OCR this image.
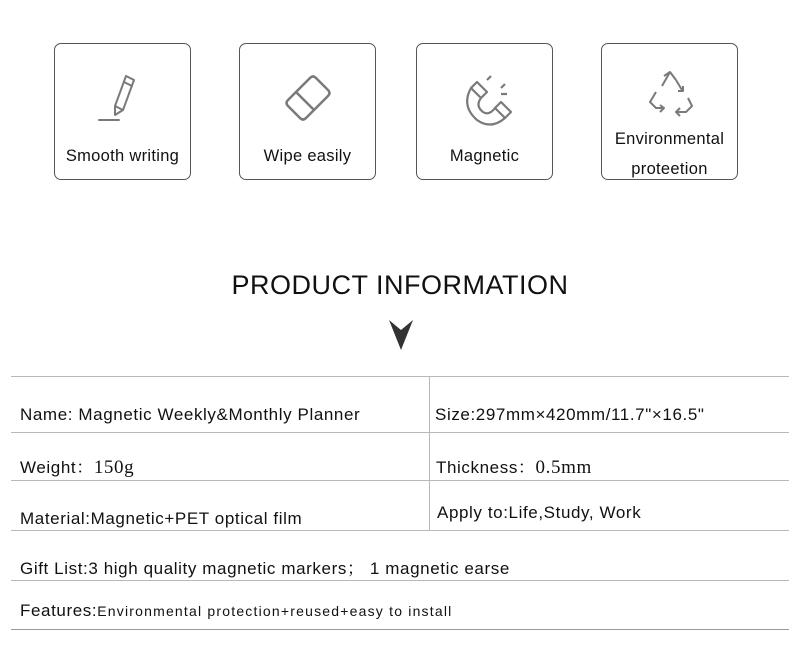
Smooth writing	Wipe easily	Magnetic
Environmental
proteetion
PRODUCT INFORMATION
Name: Magnetic Weekly&Monthly Planner	Size:297mm×420mm/11.7"×16.5"
Weight：150g	Thickness：0.5mm
Material:Magnetic+PET optical film	Apply to:Life,Study, Work
Gift List:3 high quality magnetic markers； 1 magnetic earse
Features:Environmental protection+reused+easy to install
